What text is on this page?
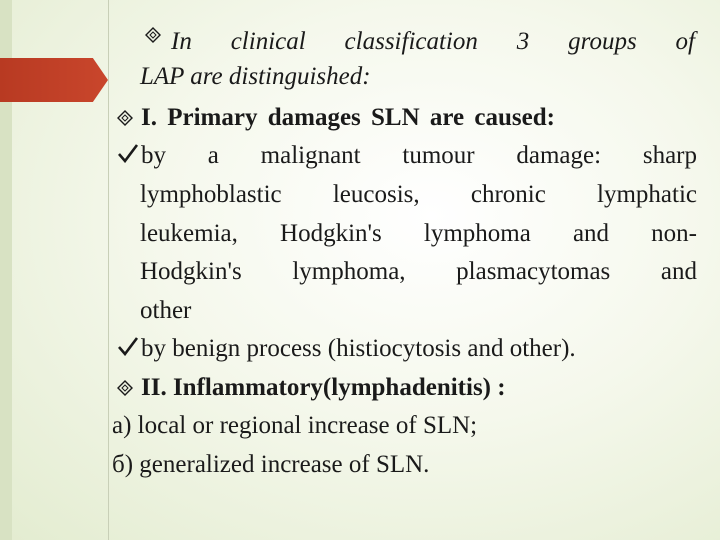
In clinical classification 3 groups of
LAP are distinguished:
I. Primary damages SLN are caused:
by a malignant tumour damage: sharp
lymphoblastic leucosis, chronic lymphatic
leukemia, Hodgkin's lymphoma and non-
Hodgkin's lymphoma, plasmacytomas and
other
by benign process (histiocytosis and other).
II. Inflammatory(lymphadenitis) :
a) local or regional increase of SLN;
б) generalized increase of SLN.
